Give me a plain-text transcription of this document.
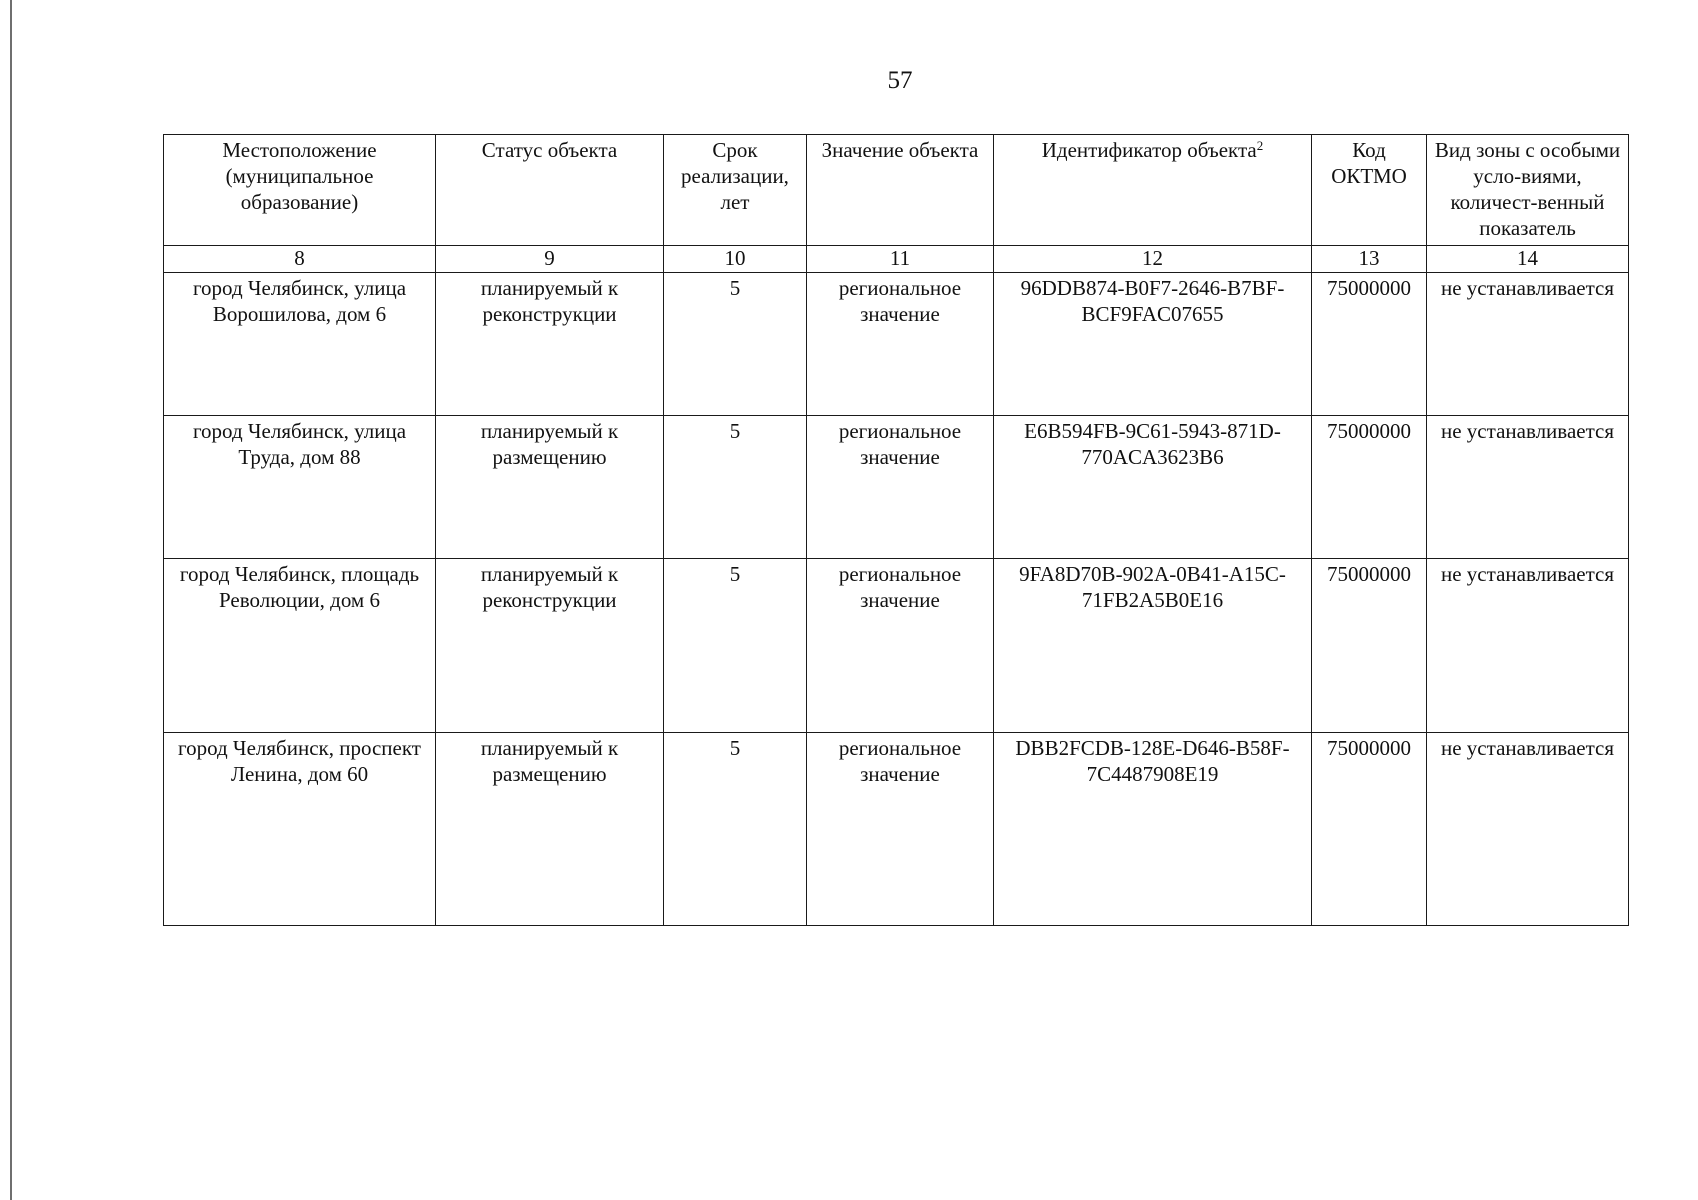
57
Местоположение (муниципальное образование)	Статус объекта	Срок реализации, лет	Значение объекта	Идентификатор объекта$^2$	Код ОКТМО	Вид зоны с особыми усло-виями, количест-венный показатель
8	9	10	11	12	13	14
город Челябинск, улица Ворошилова, дом 6	планируемый к реконструкции	5	региональное значение	96DDB874-B0F7-2646-B7BF-BCF9FAC07655	75000000	не устанавливается
город Челябинск, улица Труда, дом 88	планируемый к размещению	5	региональное значение	E6B594FB-9C61-5943-871D-770ACA3623B6	75000000	не устанавливается
город Челябинск, площадь Революции, дом 6	планируемый к реконструкции	5	региональное значение	9FA8D70B-902A-0B41-A15C-71FB2A5B0E16	75000000	не устанавливается
город Челябинск, проспект Ленина, дом 60	планируемый к размещению	5	региональное значение	DBB2FCDB-128E-D646-B58F-7C4487908E19	75000000	не устанавливается
